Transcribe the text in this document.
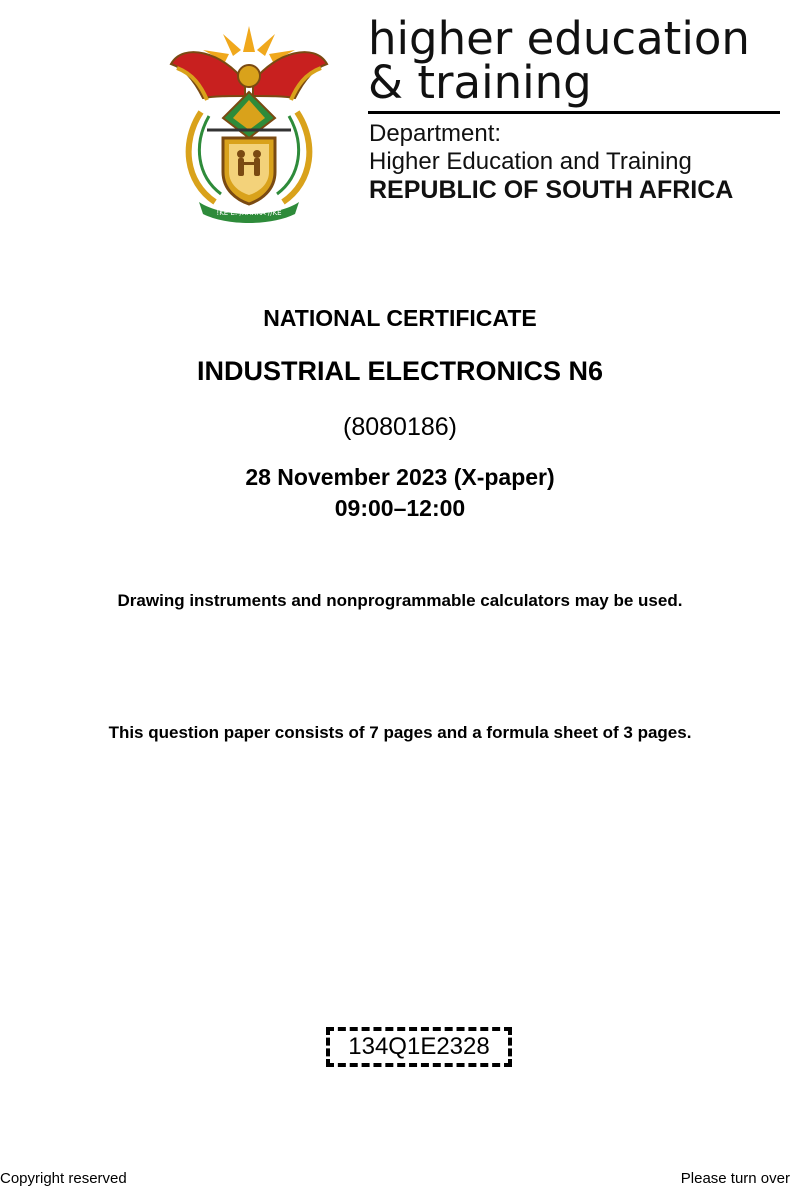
!KE E: /XARRA //KE
higher education
& training
Department:
Higher Education and Training
REPUBLIC OF SOUTH AFRICA
NATIONAL CERTIFICATE
INDUSTRIAL ELECTRONICS N6
(8080186)
28 November 2023 (X-paper)
09:00–12:00
Drawing instruments and nonprogrammable calculators may be used.
This question paper consists of 7 pages and a formula sheet of 3 pages.
134Q1E2328
Copyright reserved	Please turn over
